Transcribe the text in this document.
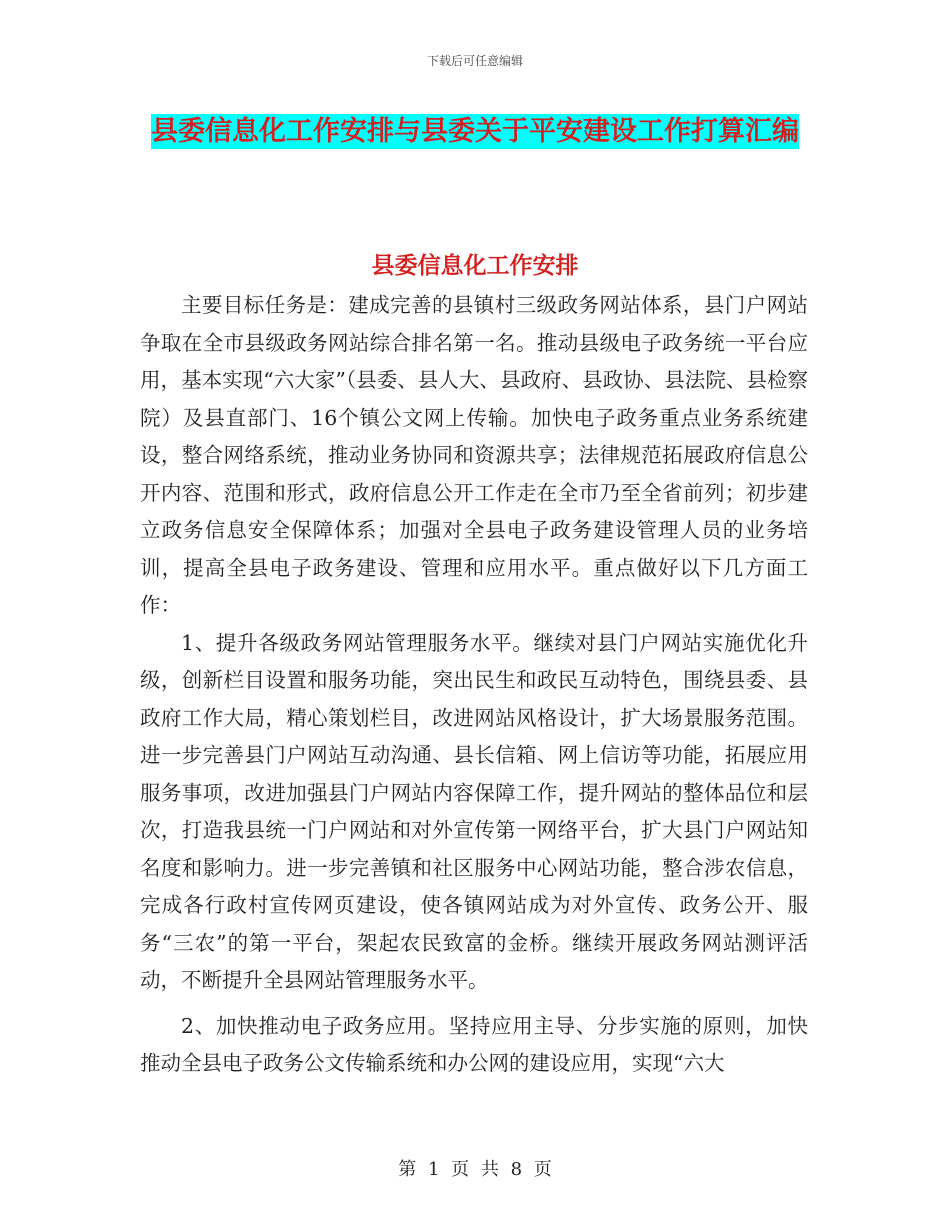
下载后可任意编辑
县委信息化工作安排与县委关于平安建设工作打算汇编
县委信息化工作安排

主要目标任务是：建成完善的县镇村三级政务网站体系，县门户网站争取在全市县级政务网站综合排名第一名。推动县级电子政务统一平台应用，基本实现“六大家”（县委、县人大、县政府、县政协、县法院、县检察院）及县直部门、16个镇公文网上传输。加快电子政务重点业务系统建设，整合网络系统，推动业务协同和资源共享；法律规范拓展政府信息公开内容、范围和形式，政府信息公开工作走在全市乃至全省前列；初步建立政务信息安全保障体系；加强对全县电子政务建设管理人员的业务培训，提高全县电子政务建设、管理和应用水平。重点做好以下几方面工作：

1、提升各级政务网站管理服务水平。继续对县门户网站实施优化升级，创新栏目设置和服务功能，突出民生和政民互动特色，围绕县委、县政府工作大局，精心策划栏目，改进网站风格设计，扩大场景服务范围。进一步完善县门户网站互动沟通、县长信箱、网上信访等功能，拓展应用服务事项，改进加强县门户网站内容保障工作，提升网站的整体品位和层次，打造我县统一门户网站和对外宣传第一网络平台，扩大县门户网站知名度和影响力。进一步完善镇和社区服务中心网站功能，整合涉农信息，完成各行政村宣传网页建设，使各镇网站成为对外宣传、政务公开、服务“三农”的第一平台，架起农民致富的金桥。继续开展政务网站测评活动，不断提升全县网站管理服务水平。

2、加快推动电子政务应用。坚持应用主导、分步实施的原则，加快推动全县电子政务公文传输系统和办公网的建设应用，实现“六大

第 1 页 共 8 页
